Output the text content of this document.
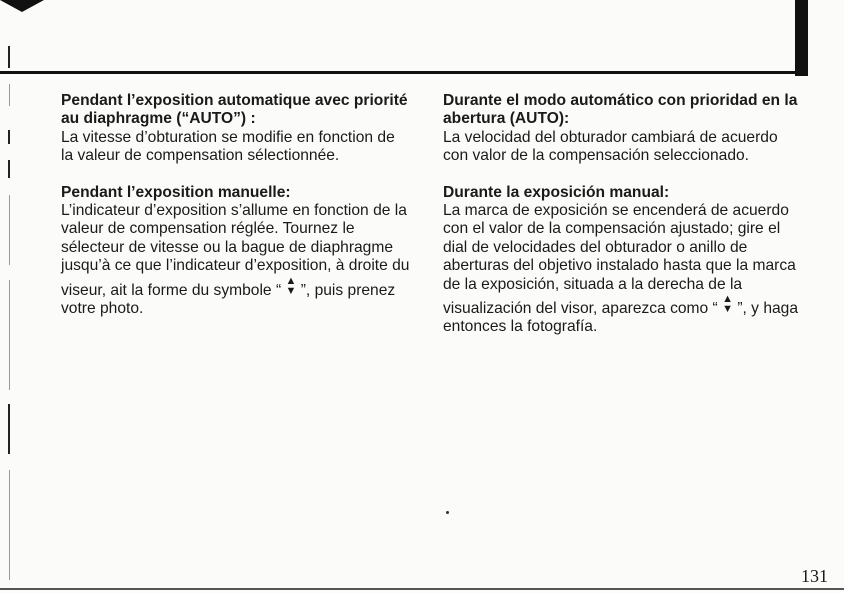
Pendant l’exposition automatique avec priorité au diaphragme (“AUTO”) :

La vitesse d’obturation se modifie en fonction de la valeur de compensation sélectionnée.

Pendant l’exposition manuelle:

L’indicateur d’exposition s’allume en fonction de la valeur de compensation réglée. Tournez le sélecteur de vitesse ou la bague de diaphragme jusqu’à ce que l’indicateur d’exposition, à droite du viseur, ait la forme du symbole “
▲
▼ ”, puis prenez votre photo.

Durante el modo automático con prioridad en la abertura (AUTO):

La velocidad del obturador cambiará de acuerdo con valor de la compensación seleccionado.

Durante la exposición manual:

La marca de exposición se encenderá de acuerdo con el valor de la compensación ajustado; gire el dial de velocidades del obturador o anillo de aberturas del objetivo instalado hasta que la marca de la exposición, situada a la derecha de la visualización del visor, aparezca como “
▲
▼ ”, y haga entonces la fotografía.

131
